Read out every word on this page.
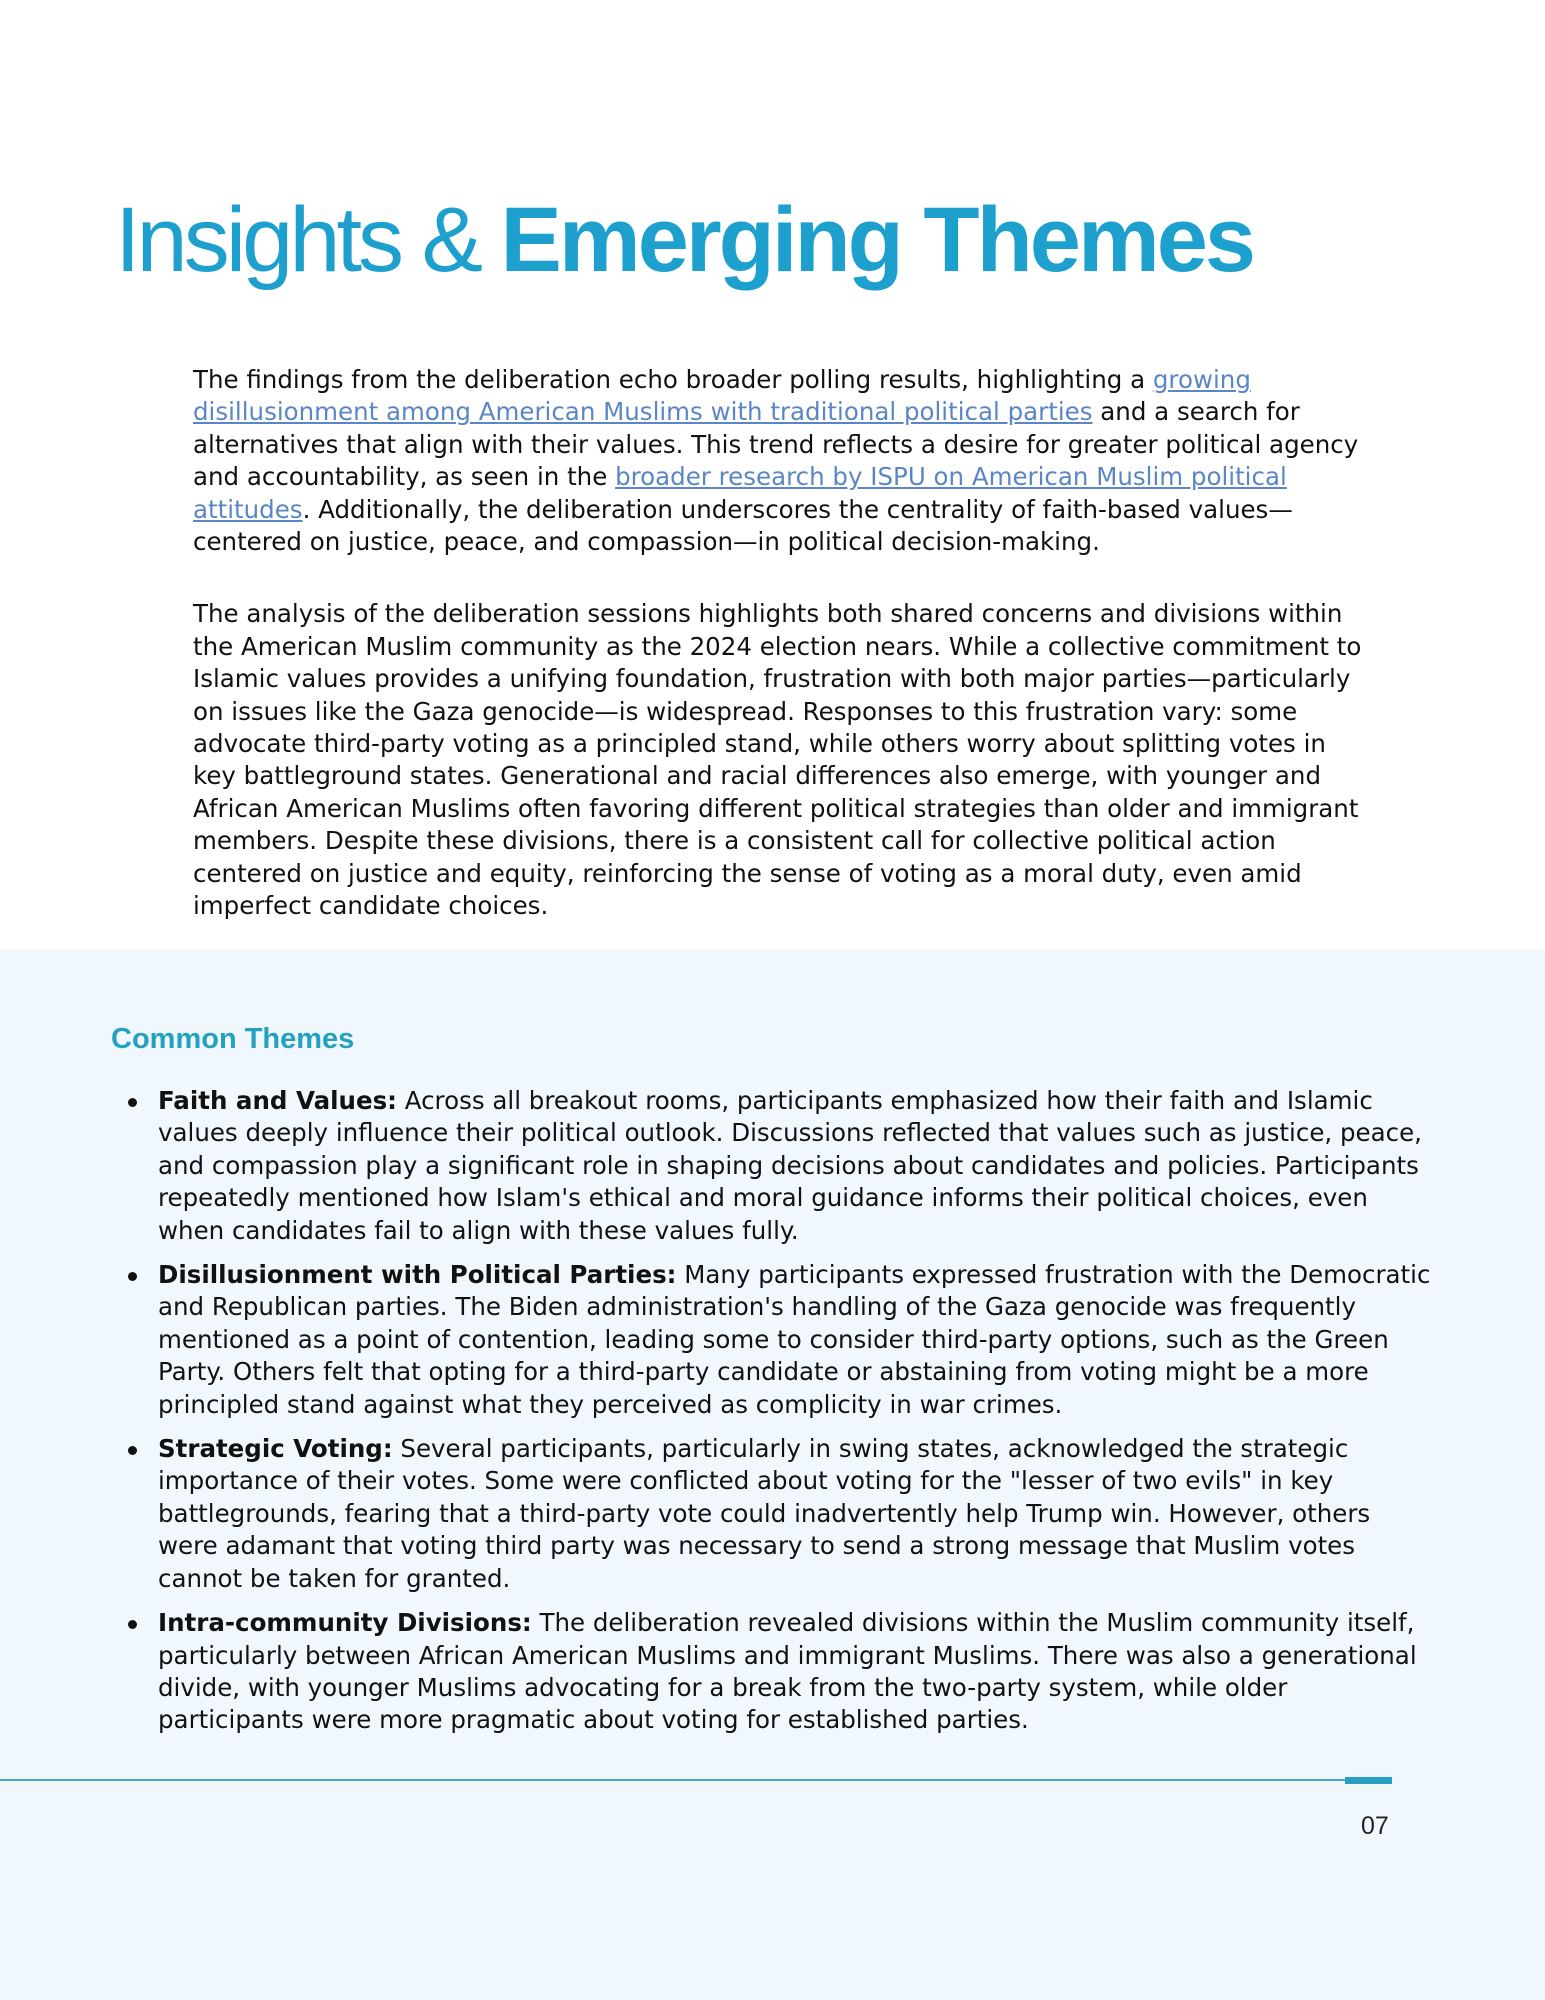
Insights & Emerging Themes

The findings from the deliberation echo broader polling results, highlighting a growing disillusionment among American Muslims with traditional political parties and a search for alternatives that align with their values. This trend reflects a desire for greater political agency and accountability, as seen in the broader research by ISPU on American Muslim political attitudes. Additionally, the deliberation underscores the centrality of faith-based values—centered on justice, peace, and compassion—in political decision-making.

The analysis of the deliberation sessions highlights both shared concerns and divisions within the American Muslim community as the 2024 election nears. While a collective commitment to Islamic values provides a unifying foundation, frustration with both major parties—particularly on issues like the Gaza genocide—is widespread. Responses to this frustration vary: some advocate third-party voting as a principled stand, while others worry about splitting votes in key battleground states. Generational and racial differences also emerge, with younger and African American Muslims often favoring different political strategies than older and immigrant members. Despite these divisions, there is a consistent call for collective political action centered on justice and equity, reinforcing the sense of voting as a moral duty, even amid imperfect candidate choices.

Common Themes
Faith and Values: Across all breakout rooms, participants emphasized how their faith and Islamic values deeply influence their political outlook. Discussions reflected that values such as justice, peace, and compassion play a significant role in shaping decisions about candidates and policies. Participants repeatedly mentioned how Islam's ethical and moral guidance informs their political choices, even when candidates fail to align with these values fully.
Disillusionment with Political Parties: Many participants expressed frustration with the Democratic and Republican parties. The Biden administration's handling of the Gaza genocide was frequently mentioned as a point of contention, leading some to consider third-party options, such as the Green Party. Others felt that opting for a third-party candidate or abstaining from voting might be a more principled stand against what they perceived as complicity in war crimes.
Strategic Voting: Several participants, particularly in swing states, acknowledged the strategic importance of their votes. Some were conflicted about voting for the "lesser of two evils" in key battlegrounds, fearing that a third-party vote could inadvertently help Trump win. However, others were adamant that voting third party was necessary to send a strong message that Muslim votes cannot be taken for granted.
Intra-community Divisions: The deliberation revealed divisions within the Muslim community itself, particularly between African American Muslims and immigrant Muslims. There was also a generational divide, with younger Muslims advocating for a break from the two-party system, while older participants were more pragmatic about voting for established parties.
07
